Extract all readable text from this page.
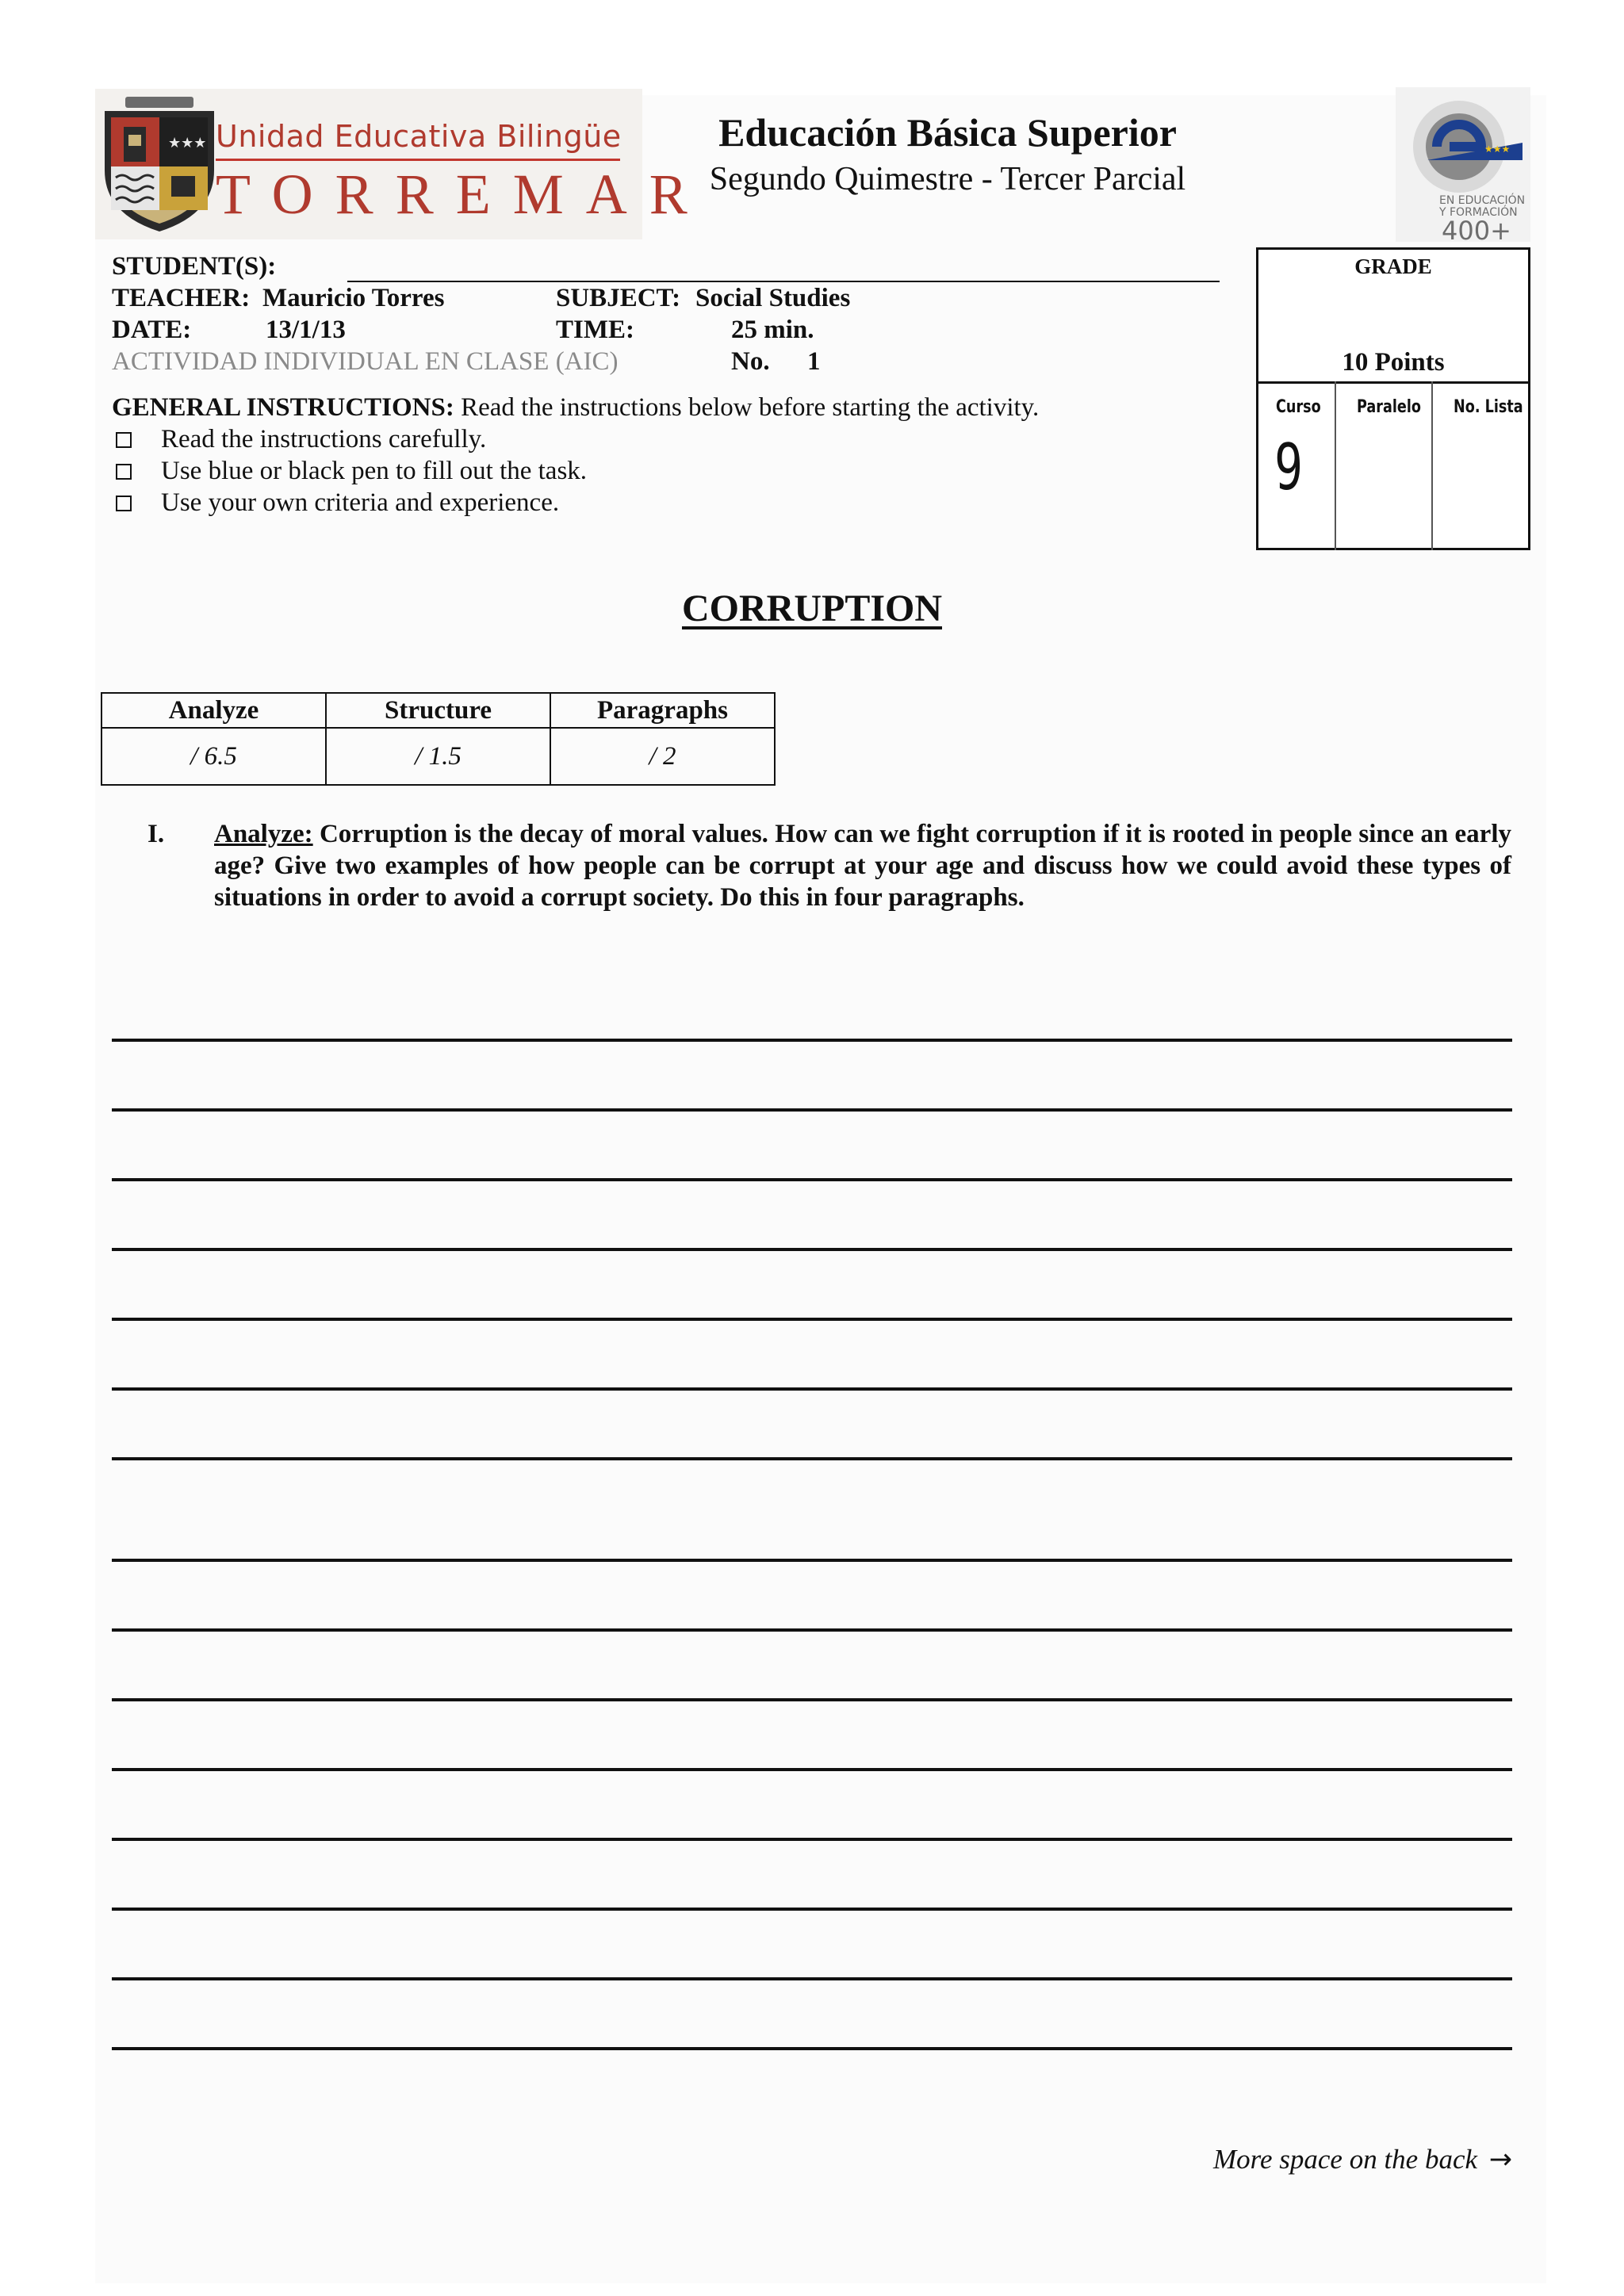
★★★ Unidad Educativa Bilingüe
TORREMAR
Educación Básica Superior
Segundo Quimestre - Tercer Parcial
★★★
EN EDUCACIÓN Y FORMACIÓN
400+
STUDENT(S):
TEACHER: Mauricio Torres	SUBJECT: Social Studies
DATE:	13/1/13	TIME:	25 min.
ACTIVIDAD INDIVIDUAL EN CLASE (AIC)	No. 1
GRADE
10 Points
Curso Paralelo No. Lista
9
GENERAL INSTRUCTIONS: Read the instructions below before starting the activity.
Read the instructions carefully.
Use blue or black pen to fill out the task.
Use your own criteria and experience.
CORRUPTION
Analyze	Structure	Paragraphs
/ 6.5	/ 1.5	/ 2
I. Analyze: Corruption is the decay of moral values. How can we fight corruption if it is rooted in people since an early age? Give two examples of how people can be corrupt at your age and discuss how we could avoid these types of situations in order to avoid a corrupt society. Do this in four paragraphs.
More space on the back →
